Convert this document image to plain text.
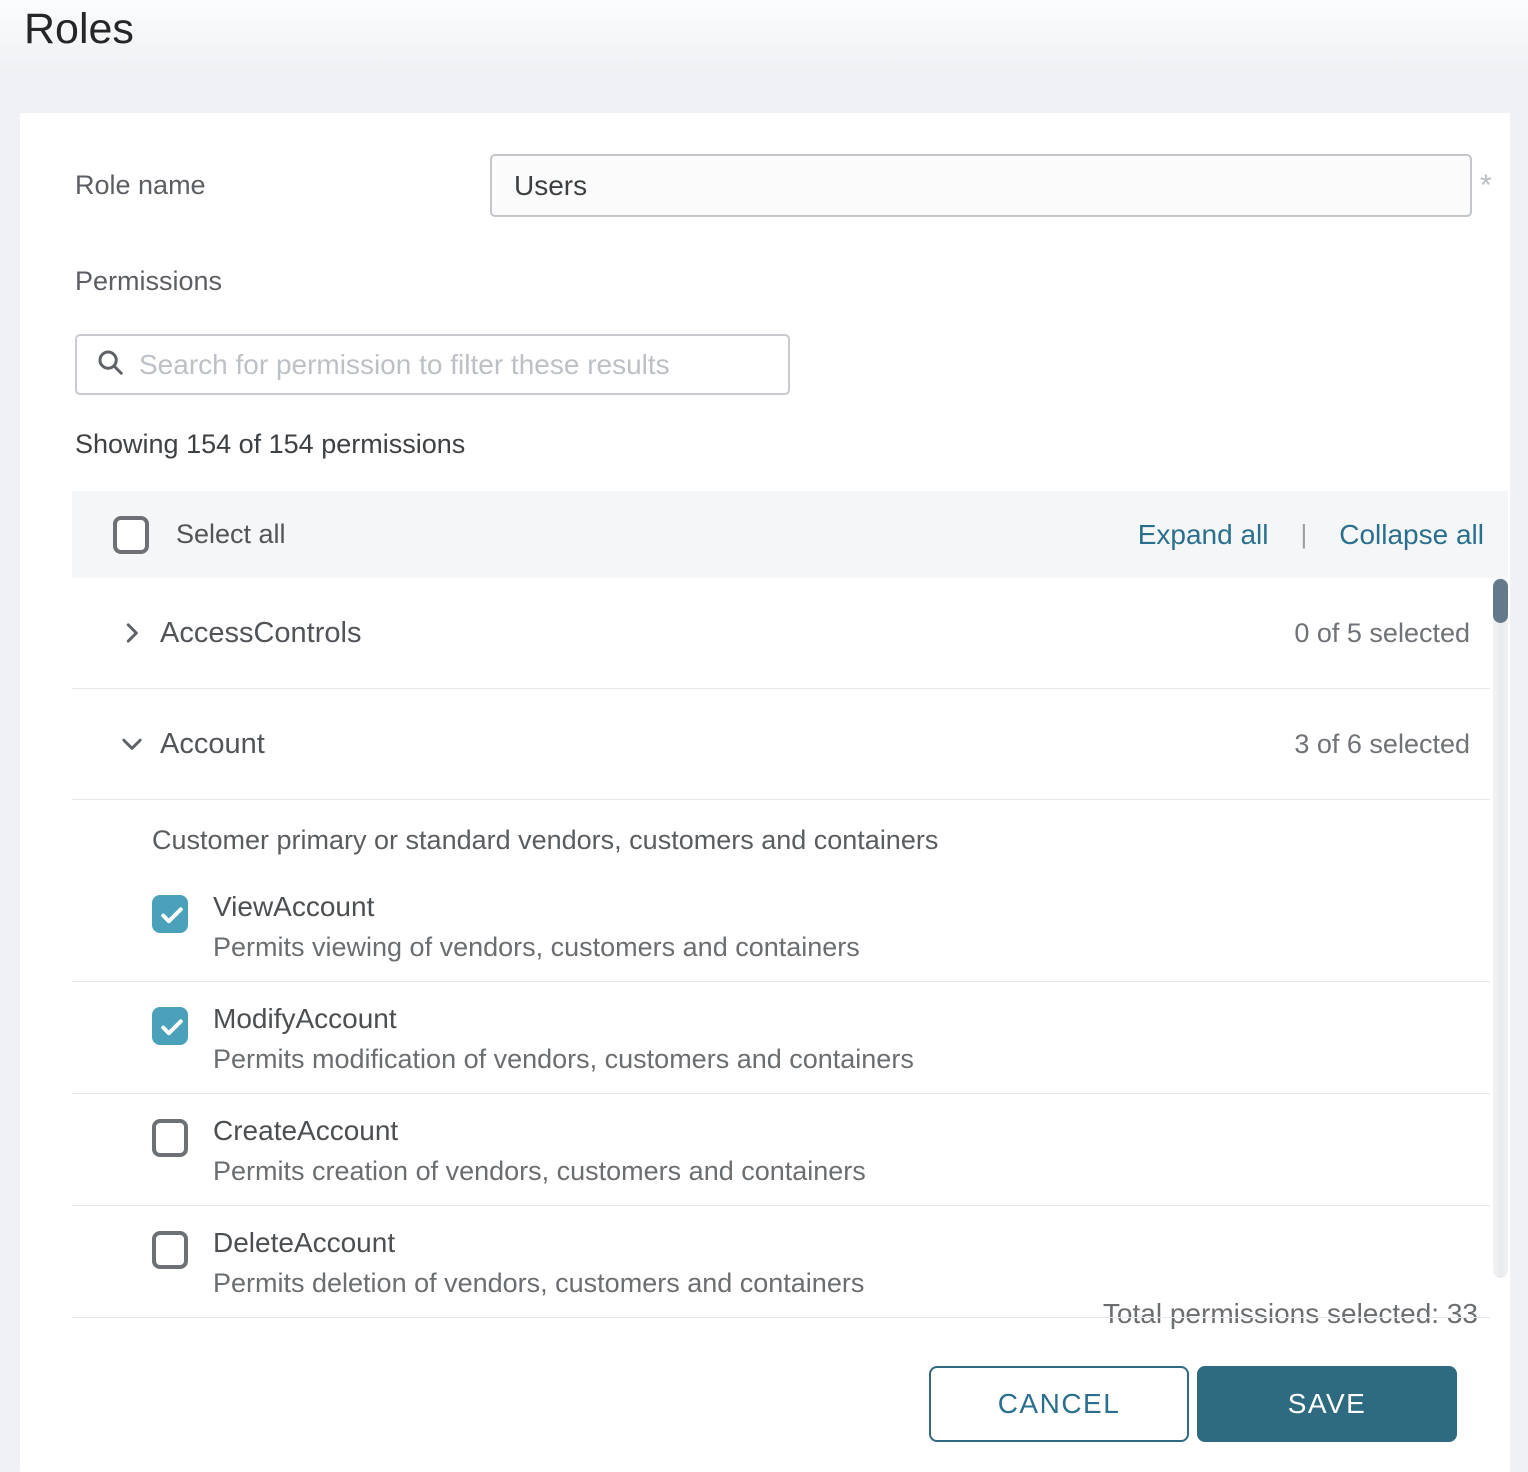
Roles
Role name
Users	*
Permissions
Search for permission to filter these results
Showing 154 of 154 permissions
Select all	Expand all | Collapse all
AccessControls	0 of 5 selected
Account	3 of 6 selected
Customer primary or standard vendors, customers and containers
ViewAccount
Permits viewing of vendors, customers and containers
ModifyAccount
Permits modification of vendors, customers and containers
CreateAccount
Permits creation of vendors, customers and containers
DeleteAccount
Permits deletion of vendors, customers and containers
Total permissions selected: 33
CANCEL	SAVE
